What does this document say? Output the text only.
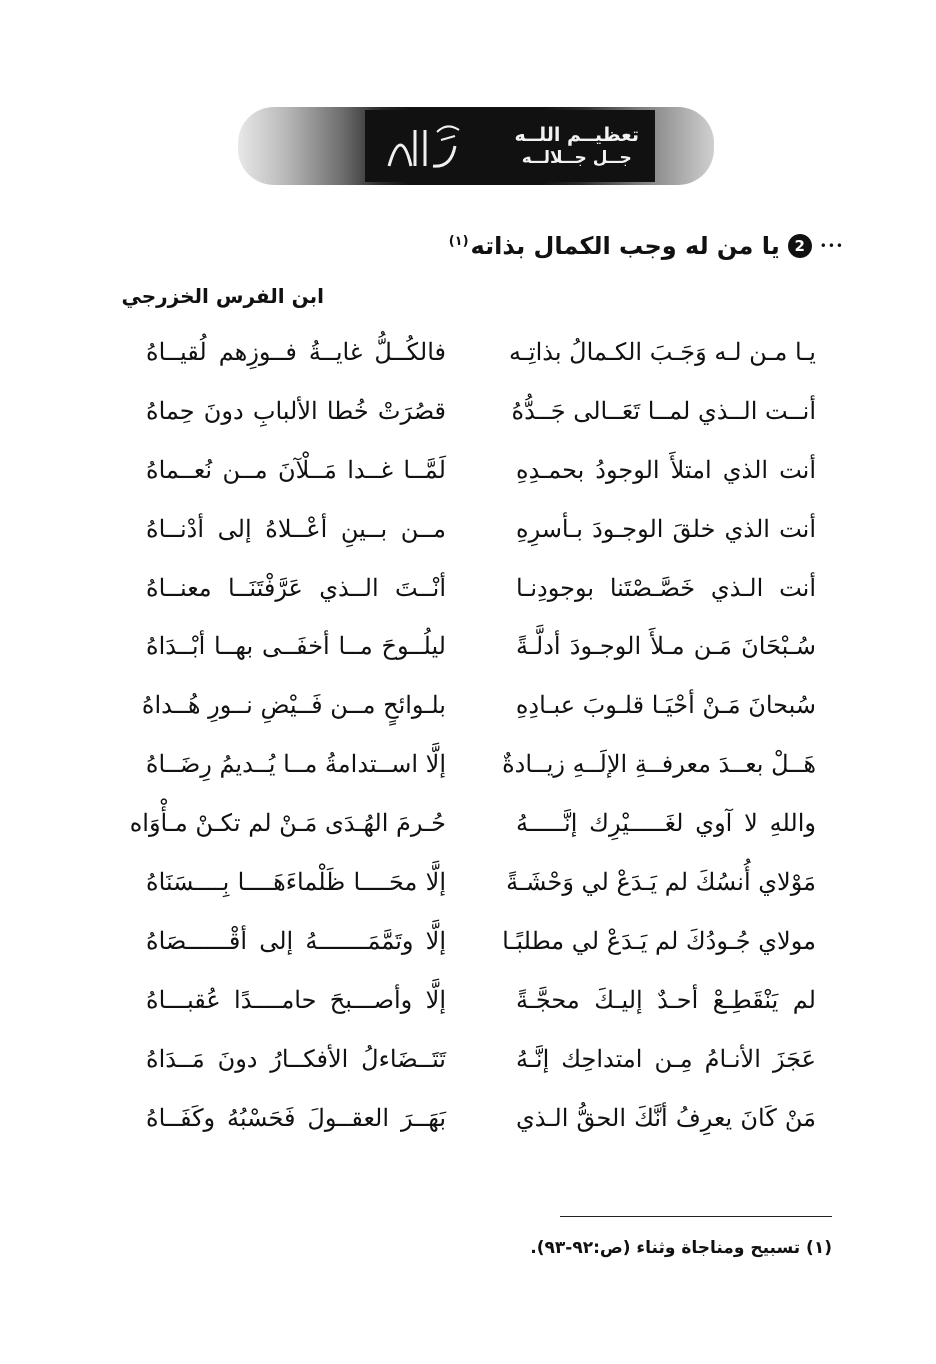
تعظيــم اللــه
جــل جــلالــه
•••
2
يا من له وجب الكمال بذاته$^{(١)}$
ابن الفرس الخزرجي
يـا مـن لـه وَجَـبَ الكـمالُ بذاتِـه
فالكُــلُّ غايــةُ فــوزِهم لُقيــاهُ
أنــت الــذي لمــا تَعَــالى جَــدُّهُ
قصُرَتْ خُطا الألبابِ دونَ حِماهُ
أنت الذي امتلأَ الوجودُ بحمـدِهِ
لَمَّــا غــدا مَــلْآنَ مــن نُعــماهُ
أنت الذي خلقَ الوجـودَ بـأسرِهِ
مــن بــينِ أعْــلاهُ إلى أدْنــاهُ
أنت الـذي خَصَّـصْتَنا بوجودِنـا
أنْــتَ الــذي عَرَّفْتَنَــا معنــاهُ
سُـبْحَانَ مَـن مـلأَ الوجـودَ أدلَّـةً
ليلُــوحَ مــا أخفَــى بهــا أبْــدَاهُ
سُبحانَ مَـنْ أحْيَـا قلـوبَ عبـادِهِ
بلـوائحٍ مــن فَــيْضِ نــورِ هُــداهُ
هَــلْ بعــدَ معرفــةِ الإلَــهِ زيــادةٌ
إلَّا اســتدامةُ مــا يُــديمُ رِضَــاهُ
واللهِ لا آوي لغَـــــيْرِك إنَّـــــهُ
حُـرمَ الهُـدَى مَـنْ لم تكـنْ مـأْوَاه
مَوْلاي أُنسُكَ لم يَـدَعْ لي وَحْشَـةً
إلَّا محَــــا ظَلْماءَهَــــا بِــــسَنَاهُ
مولاي جُـودُكَ لم يَـدَعْ لي مطلبًـا
إلَّا وتَمَّمَـــــــهُ إلى أقْــــــصَاهُ
لم يَنْقَطِـعْ أحـدٌ إليـكَ محجَّـةً
إلَّا وأصـــبحَ حامــــدًا عُقبـــاهُ
عَجَزَ الأنـامُ مِـن امتداحِك إنَّـهُ
تَتَــضَاءلُ الأفكــارُ دونَ مَــدَاهُ
مَنْ كَانَ يعرِفُ أنَّكَ الحقُّ الـذي
بَهَــرَ العقــولَ فَحَسْبُهُ وكَفَــاهُ
(١) تسبيح ومناجاة وثناء (ص:٩٢-٩٣).
